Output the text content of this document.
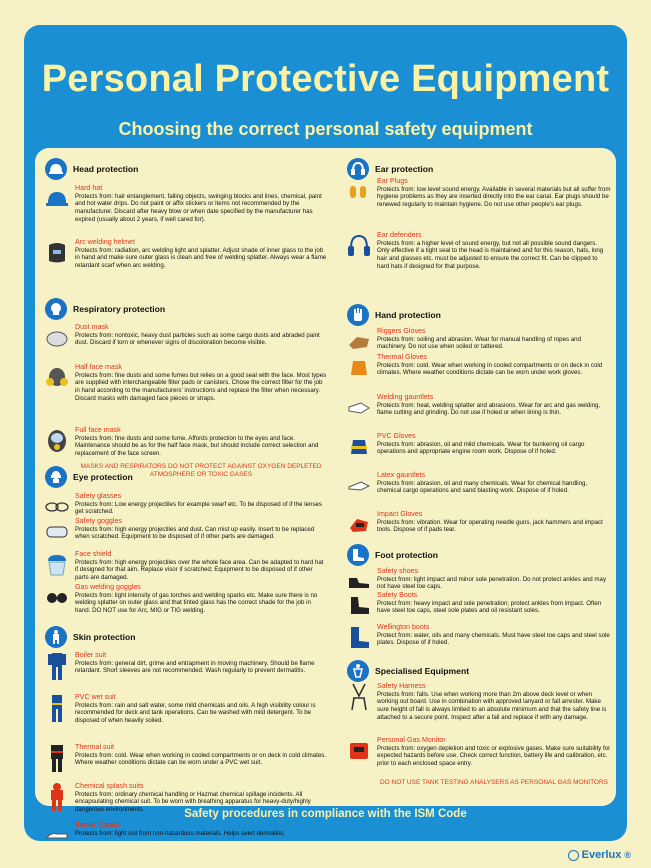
Personal Protective Equipment
Choosing the correct personal safety equipment
Head protection
Hard hat
Protects from: hair entanglement, falling objects, swinging blocks and lines, chemical, paint and hot water drips. Do not paint or affix stickers or items not recommended by the manufacturer. Discard after heavy blow or when date specified by the manufacturer has expired (usually about 2 years, if well cared for).
Arc welding helmet
Protects from: radiation, arc welding light and splatter. Adjust shade of inner glass to the job in hand and make sure outer glass is clean and free of welding splatter. Always wear a flame retardant scarf when arc welding.
Respiratory protection
Dust mask
Protects from: nontoxic, heavy dust particles such as some cargo dusts and abraded paint dust. Discard if torn or whenever signs of discoloration become visible.
Half face mask
Protects from: fine dusts and some fumes but relies on a good seal with the face. Most types are supplied with interchangeable filter pads or canisters. Chose the correct filter for the job in hand according to the manufacturers' instructions and replace the filter when necessary. Discard masks with damaged face pieces or straps.
Full face mask
Protects from: fine dusts and some fume. Affords protection to the eyes and face. Maintenance should be as for the half face mask, but should include correct selection and replacement of the face screen.
MASKS AND RESPIRATORS DO NOT PROTECT AGAINST OXYGEN DEPLETED ATMOSPHERE OR TOXIC GASES
Eye protection
Safety glasses
Protects from: Low energy projectiles for example swarf etc. To be disposed of if the lenses get scratched.
Safety goggles
Protects from: high energy projectiles and dust. Can mist up easily. Insert to be replaced when scratched. Equipment to be disposed of if other parts are damaged.
Face shield
Protects from: high energy projectiles over the whole face area. Can be adapted to hard hat if designed for that aim. Replace visor if scratched; Equipment to be disposed of if other parts are damaged.
Gas welding goggles
Protects from: light intensity of gas torches and welding sparks etc. Make sure there is no welding splatter on outer glass and that tinted glass has the correct shade for the job in hand. DO NOT use for Arc, MIG or TIG welding.
Skin protection
Boiler suit
Protects from: general dirt, grime and entrapment in moving machinery. Should be flame retardant. Short sleeves are not recommended. Wash regularly to prevent dermatitis.
PVC wet suit
Protects from: rain and salt water, some mild chemicals and oils. A high visibility colour is recommended for deck and tank operations. Can be washed with mild detergent. To be disposed of when heavily soiled.
Thermal suit
Protects from: cold. Wear when working in cooled compartments or on deck in cold climates. Where weather conditions dictate can be worn under a PVC wet suit.
Chemical splash suits
Protects from: ordinary chemical handling or Hazmat chemical spillage incidents. All encapsulating chemical suit. To be worn with breathing apparatus for heavy-duty/highly dangerous environments.
Barrier Cream
Protects from: light soil from non-hazardous materials. Helps avert dermatitis.
Ear protection
Ear Plugs
Protects from: low level sound energy. Available in several materials but all suffer from hygiene problems as they are inserted directly into the ear canal. Ear plugs should be renewed regularly to maintain hygiene. Do not use other people's ear plugs.
Ear defenders
Protects from: a higher level of sound energy, but not all possible sound dangers. Only effective if a tight seal to the head is maintained and for this reason, hats, long hair and glasses etc. must be adjusted to ensure the correct fit. Can be clipped to hard hats if designed for that purpose.
Hand protection
Riggers Gloves
Protects from: soiling and abrasion. Wear for manual handling of ropes and machinery. Do not use when soiled or tattered.
Thermal Gloves
Protects from: cold. Wear when working in cooled compartments or on deck in cold climates. Where weather conditions dictate can be worn under work gloves.
Welding gauntlets
Protects from: heat, welding splatter and abrasions. Wear for arc and gas welding, flame cutting and grinding. Do not use if holed or when lining is thin.
PVC Gloves
Protects from: abrasion, oil and mild chemicals. Wear for bunkering oil cargo operations and appropriate engine room work. Dispose of if holed.
Latex gauntlets
Protects from: abrasion, oil and many chemicals. Wear for chemical handling, chemical cargo operations and sand blasting work. Dispose of if holed.
Impact Gloves
Protects from: vibration. Wear for operating needle guns, jack hammers and impact tools. Dispose of if pads tear.
Foot protection
Safety shoes
Protect from: light impact and minor sole penetration. Do not protect ankles and may not have steel toe caps.
Safety Boots
Protect from: heavy impact and sole penetration; protect ankles from impact. Often have steel toe caps, steel sole plates and oil resistant soles.
Wellington boots
Protect from: water, oils and many chemicals. Must have steel toe caps and steel sole plates. Dispose of if holed.
Specialised Equipment
Safety Harness
Protects from: falls. Use when working more than 2m above deck level or when working out board. Use in combination with approved lanyard or fall arrester. Make sure height of fall is always limited to an absolute minimum and that the safety line is attached to a secure point. Inspect after a fall and replace if with any damage.
Personal Gas Monitor
Protects from: oxygen depletion and toxic or explosive gases. Make sure suitability for expected hazards before use. Check correct function, battery life and calibration, etc. prior to each enclosed space entry.
DO NOT USE TANK TESTING ANALYSERS AS PERSONAL GAS MONITORS
Safety procedures in compliance with the ISM Code
Everlux ®
